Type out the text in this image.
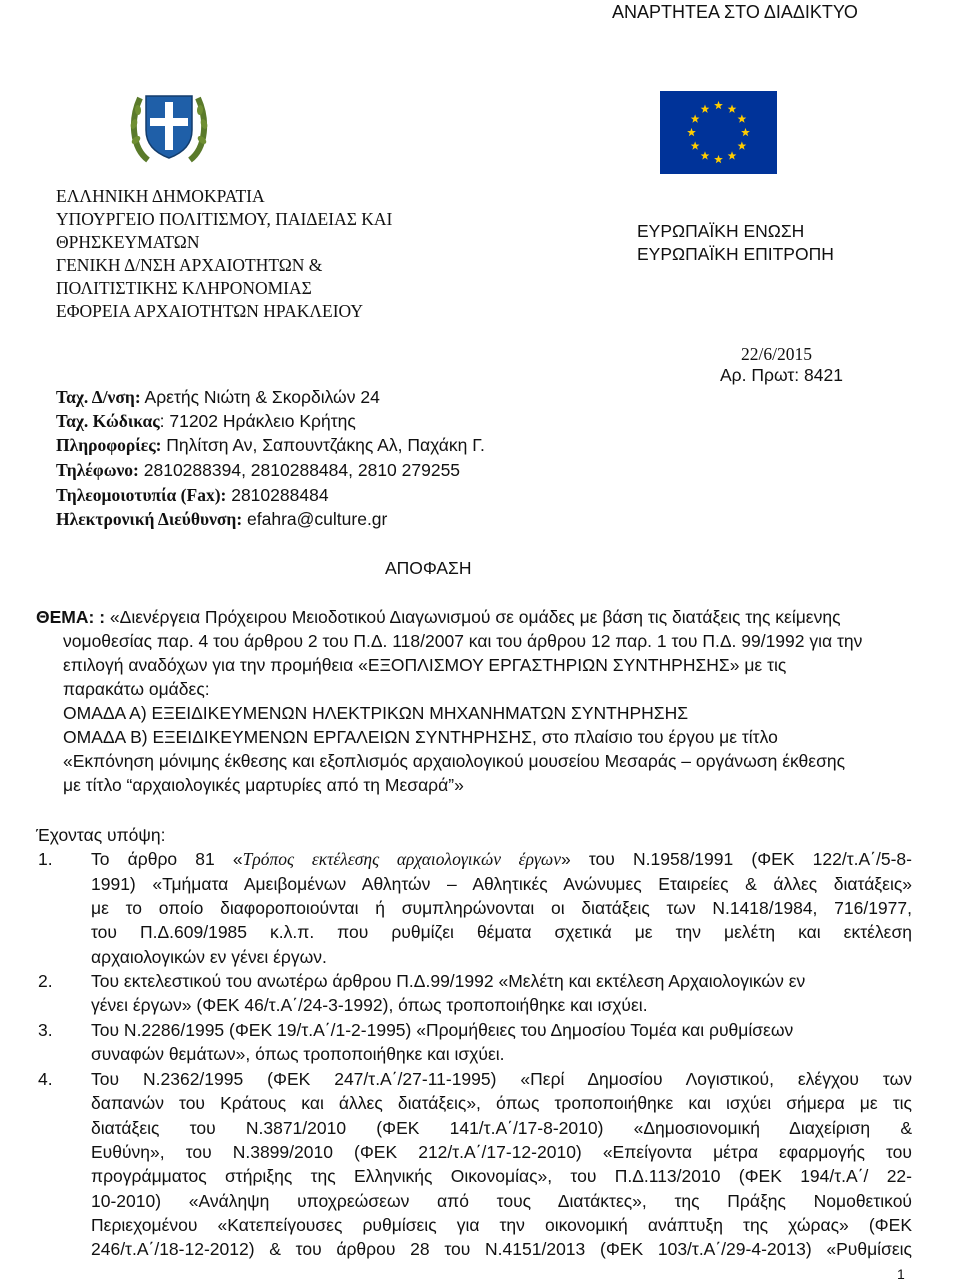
ΑΝΑΡΤΗΤΕΑ ΣΤΟ ΔΙΑΔΙΚΤΥΟ
ΕΛΛΗΝΙΚΗ ΔΗΜΟΚΡΑΤΙΑ
ΥΠΟΥΡΓΕΙΟ ΠΟΛΙΤΙΣΜΟΥ, ΠΑΙΔΕΙΑΣ ΚΑΙ
ΘΡΗΣΚΕΥΜΑΤΩΝ
ΓΕΝΙΚΗ Δ/ΝΣΗ ΑΡΧΑΙΟΤΗΤΩΝ &
ΠΟΛΙΤΙΣΤΙΚΗΣ ΚΛΗΡΟΝΟΜΙΑΣ
ΕΦΟΡΕΙΑ ΑΡΧΑΙΟΤΗΤΩΝ ΗΡΑΚΛΕΙΟΥ
Ταχ. Δ/νση: Αρετής Νιώτη & Σκορδιλών 24
Ταχ. Κώδικας: 71202 Ηράκλειο Κρήτης
Πληροφορίες: Πηλίτση Αν, Σαπουντζάκης Αλ, Παχάκη Γ.
Τηλέφωνο: 2810288394, 2810288484, 2810 279255
Τηλεομοιοτυπία (Fax): 2810288484
Ηλεκτρονική Διεύθυνση: efahra@culture.gr
ΕΥΡΩΠΑΪΚΗ ΕΝΩΣΗ
ΕΥΡΩΠΑΪΚΗ ΕΠΙΤΡΟΠΗ
22/6/2015
Αρ. Πρωτ: 8421
ΑΠΟΦΑΣΗ
ΘΕΜΑ: : «Διενέργεια Πρόχειρου Μειοδοτικού Διαγωνισμού σε ομάδες με βάση τις διατάξεις της κείμενης
νομοθεσίας παρ. 4 του άρθρου 2 του Π.Δ. 118/2007 και του άρθρου 12 παρ. 1 του Π.Δ. 99/1992 για την
επιλογή αναδόχων για την προμήθεια «ΕΞΟΠΛΙΣΜΟΥ ΕΡΓΑΣΤΗΡΙΩΝ ΣΥΝΤΗΡΗΣΗΣ» με τις
παρακάτω ομάδες:
ΟΜΑΔΑ Α) ΕΞΕΙΔΙΚΕΥΜΕΝΩΝ ΗΛΕΚΤΡΙΚΩΝ ΜΗΧΑΝΗΜΑΤΩΝ ΣΥΝΤΗΡΗΣΗΣ
ΟΜΑΔΑ Β) ΕΞΕΙΔΙΚΕΥΜΕΝΩΝ ΕΡΓΑΛΕΙΩΝ ΣΥΝΤΗΡΗΣΗΣ, στο πλαίσιο του έργου με τίτλο
«Εκπόνηση μόνιμης έκθεσης και εξοπλισμός αρχαιολογικού μουσείου Μεσαράς – οργάνωση έκθεσης
με τίτλο “αρχαιολογικές μαρτυρίες από τη Μεσαρά”»
Έχοντας υπόψη:
1. Το άρθρο 81 «Τρόπος εκτέλεσης αρχαιολογικών έργων» του Ν.1958/1991 (ΦΕΚ 122/τ.Α΄/5-8-
1991) «Τμήματα Αμειβομένων Αθλητών – Αθλητικές Ανώνυμες Εταιρείες & άλλες διατάξεις»
με το οποίο διαφοροποιούνται ή συμπληρώνονται οι διατάξεις των Ν.1418/1984, 716/1977,
του Π.Δ.609/1985 κ.λ.π. που ρυθμίζει θέματα σχετικά με την μελέτη και εκτέλεση
αρχαιολογικών εν γένει έργων.
2. Του εκτελεστικού του ανωτέρω άρθρου Π.Δ.99/1992 «Μελέτη και εκτέλεση Αρχαιολογικών εν
γένει έργων» (ΦΕΚ 46/τ.Α΄/24-3-1992), όπως τροποποιήθηκε και ισχύει.
3. Του Ν.2286/1995 (ΦΕΚ 19/τ.Α΄/1-2-1995) «Προμήθειες του Δημοσίου Τομέα και ρυθμίσεων
συναφών θεμάτων», όπως τροποποιήθηκε και ισχύει.
4. Του Ν.2362/1995 (ΦΕΚ 247/τ.Α΄/27-11-1995) «Περί Δημοσίου Λογιστικού, ελέγχου των
δαπανών του Κράτους και άλλες διατάξεις», όπως τροποποιήθηκε και ισχύει σήμερα με τις
διατάξεις του Ν.3871/2010 (ΦΕΚ 141/τ.Α΄/17-8-2010) «Δημοσιονομική Διαχείριση &
Ευθύνη», του Ν.3899/2010 (ΦΕΚ 212/τ.Α΄/17-12-2010) «Επείγοντα μέτρα εφαρμογής του
προγράμματος στήριξης της Ελληνικής Οικονομίας», του Π.Δ.113/2010 (ΦΕΚ 194/τ.Α΄/ 22-
10-2010) «Ανάληψη υποχρεώσεων από τους Διατάκτες», της Πράξης Νομοθετικού
Περιεχομένου «Κατεπείγουσες ρυθμίσεις για την οικονομική ανάπτυξη της χώρας» (ΦΕΚ
246/τ.Α΄/18-12-2012) & του άρθρου 28 του Ν.4151/2013 (ΦΕΚ 103/τ.Α΄/29-4-2013) «Ρυθμίσεις
1
